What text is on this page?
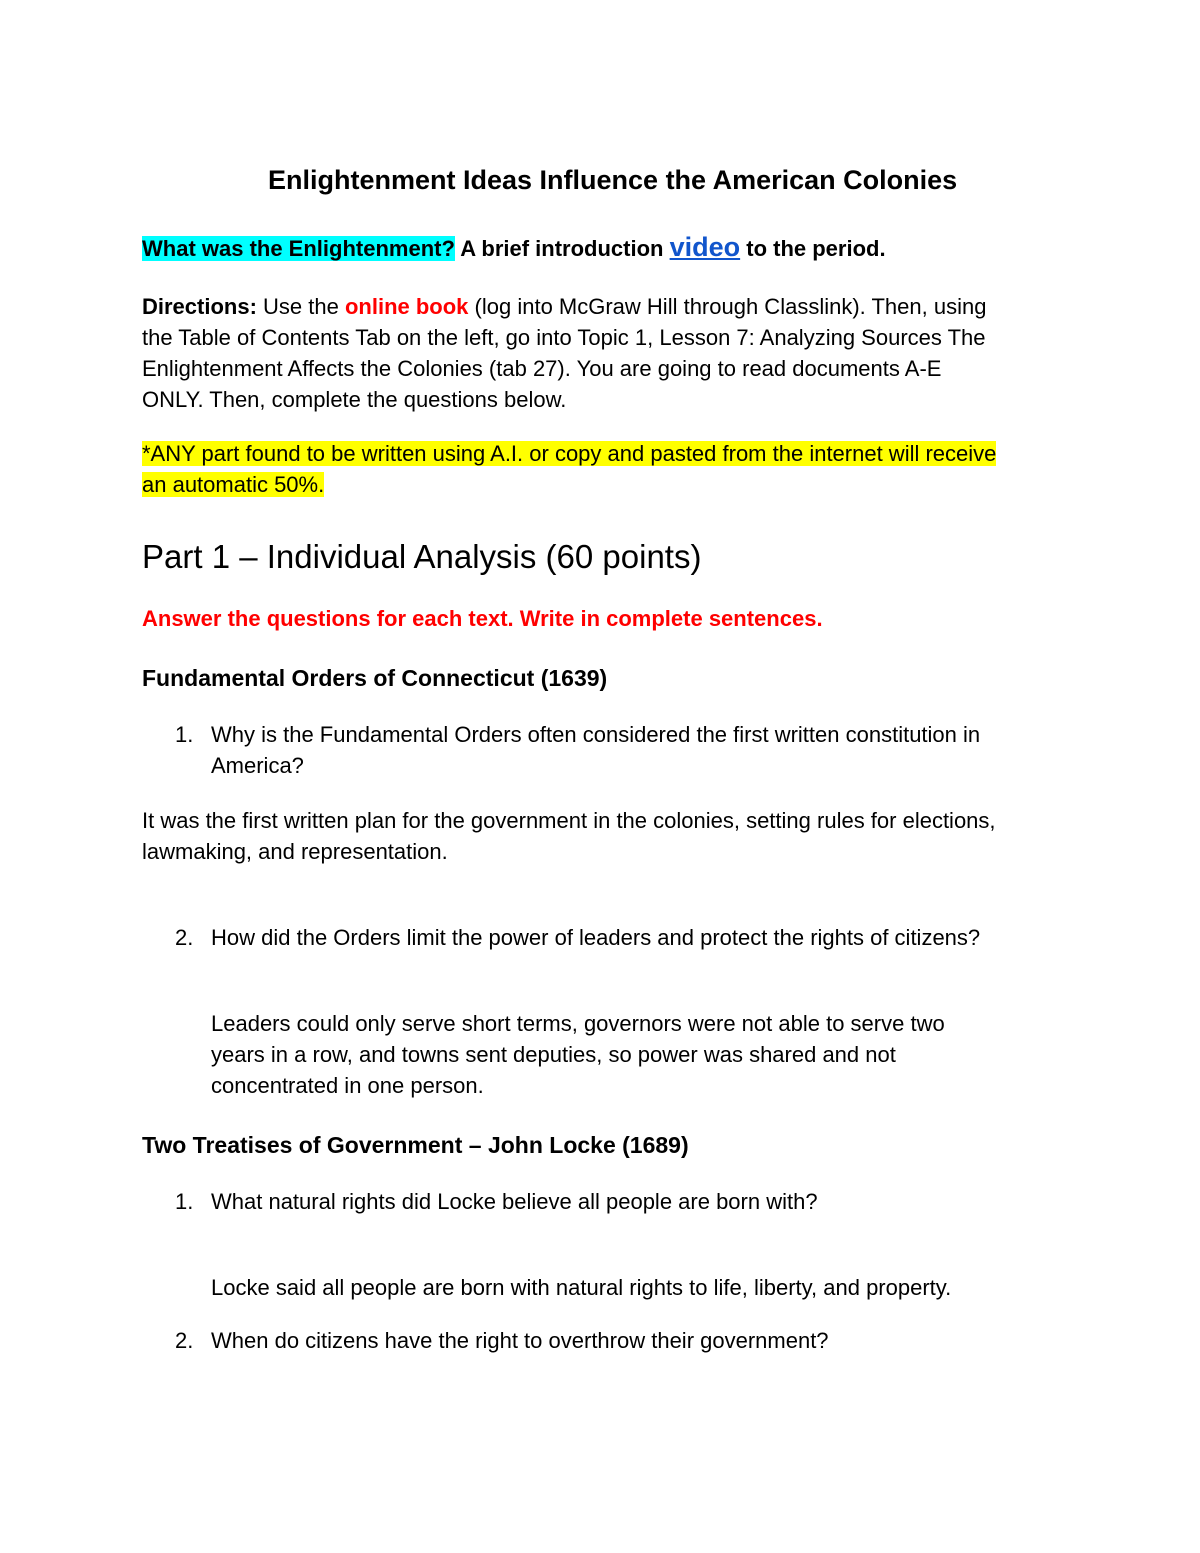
Enlightenment Ideas Influence the American Colonies
What was the Enlightenment? A brief introduction video to the period.
Directions: Use the online book (log into McGraw Hill through Classlink). Then, using
the Table of Contents Tab on the left, go into Topic 1, Lesson 7: Analyzing Sources The
Enlightenment Affects the Colonies (tab 27). You are going to read documents A-E
ONLY. Then, complete the questions below.
*ANY part found to be written using A.I. or copy and pasted from the internet will receive
an automatic 50%.
Part 1 – Individual Analysis (60 points)
Answer the questions for each text. Write in complete sentences.
Fundamental Orders of Connecticut (1639)
1. Why is the Fundamental Orders often considered the first written constitution in
America?
It was the first written plan for the government in the colonies, setting rules for elections,
lawmaking, and representation.
2. How did the Orders limit the power of leaders and protect the rights of citizens?
Leaders could only serve short terms, governors were not able to serve two
years in a row, and towns sent deputies, so power was shared and not
concentrated in one person.
Two Treatises of Government – John Locke (1689)
1. What natural rights did Locke believe all people are born with?
Locke said all people are born with natural rights to life, liberty, and property.
2. When do citizens have the right to overthrow their government?
